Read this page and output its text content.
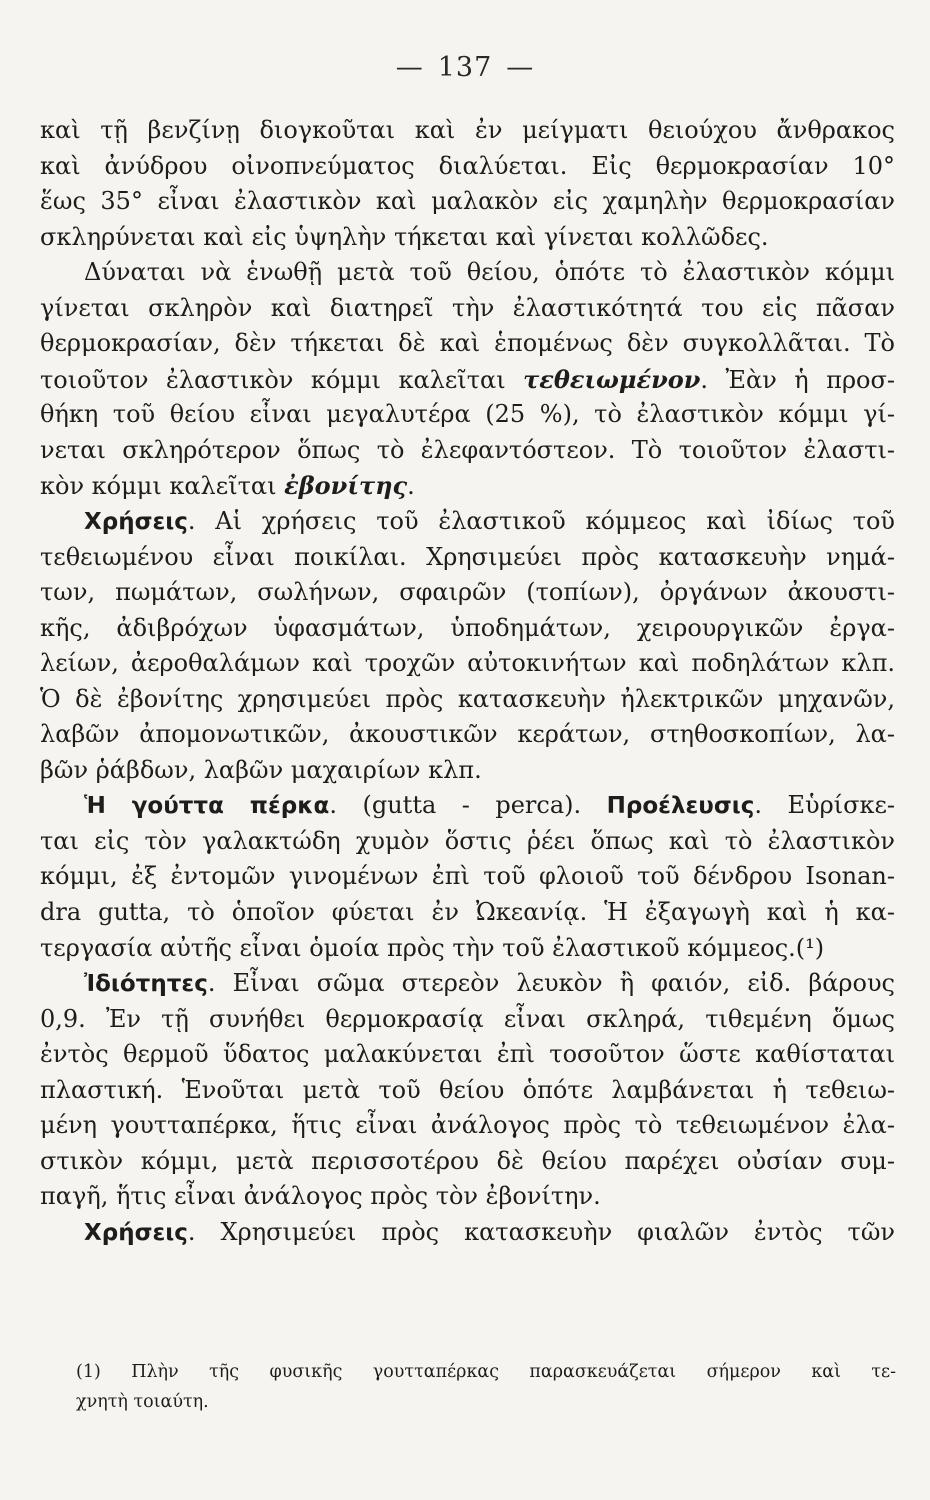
— 137 —
καὶ τῇ βενζίνῃ διογκοῦται καὶ ἐν μείγματι θειούχου ἄνθρακος
καὶ ἀνύδρου οἰνοπνεύματος διαλύεται. Εἰς θερμοκρασίαν 10°
ἕως 35° εἶναι ἐλαστικὸν καὶ μαλακὸν εἰς χαμηλὴν θερμοκρασίαν
σκληρύνεται καὶ εἰς ὑψηλὴν τήκεται καὶ γίνεται κολλῶδες.
Δύναται νὰ ἑνωθῇ μετὰ τοῦ θείου, ὁπότε τὸ ἐλαστικὸν κόμμι
γίνεται σκληρὸν καὶ διατηρεῖ τὴν ἐλαστικότητά του εἰς πᾶσαν
θερμοκρασίαν, δὲν τήκεται δὲ καὶ ἑπομένως δὲν συγκολλᾶται. Τὸ
τοιοῦτον ἐλαστικὸν κόμμι καλεῖται τεθειωμένον. Ἐὰν ἡ προσ-
θήκη τοῦ θείου εἶναι μεγαλυτέρα (25 %), τὸ ἐλαστικὸν κόμμι γί-
νεται σκληρότερον ὅπως τὸ ἐλεφαντόστεον. Τὸ τοιοῦτον ἐλαστι-
κὸν κόμμι καλεῖται ἐβονίτης.
Χρήσεις. Αἱ χρήσεις τοῦ ἐλαστικοῦ κόμμεος καὶ ἰδίως τοῦ
τεθειωμένου εἶναι ποικίλαι. Χρησιμεύει πρὸς κατασκευὴν νημά-
των, πωμάτων, σωλήνων, σφαιρῶν (τοπίων), ὀργάνων ἀκουστι-
κῆς, ἀδιβρόχων ὑφασμάτων, ὑποδημάτων, χειρουργικῶν ἐργα-
λείων, ἀεροθαλάμων καὶ τροχῶν αὐτοκινήτων καὶ ποδηλάτων κλπ.
Ὁ δὲ ἐβονίτης χρησιμεύει πρὸς κατασκευὴν ἠλεκτρικῶν μηχανῶν,
λαβῶν ἀπομονωτικῶν, ἀκουστικῶν κεράτων, στηθοσκοπίων, λα-
βῶν ῥάβδων, λαβῶν μαχαιρίων κλπ.
Ἡ γούττα πέρκα. (gutta - perca). Προέλευσις. Εὑρίσκε-
ται εἰς τὸν γαλακτώδη χυμὸν ὅστις ῥέει ὅπως καὶ τὸ ἐλαστικὸν
κόμμι, ἐξ ἐντομῶν γινομένων ἐπὶ τοῦ φλοιοῦ τοῦ δένδρου Isonan-
dra gutta, τὸ ὁποῖον φύεται ἐν Ὠκεανίᾳ. Ἡ ἐξαγωγὴ καὶ ἡ κα-
τεργασία αὐτῆς εἶναι ὁμοία πρὸς τὴν τοῦ ἐλαστικοῦ κόμμεος.(¹)
Ἰδιότητες. Εἶναι σῶμα στερεὸν λευκὸν ἢ φαιόν, εἰδ. βάρους
0,9. Ἐν τῇ συνήθει θερμοκρασίᾳ εἶναι σκληρά, τιθεμένη ὅμως
ἐντὸς θερμοῦ ὕδατος μαλακύνεται ἐπὶ τοσοῦτον ὥστε καθίσταται
πλαστική. Ἑνοῦται μετὰ τοῦ θείου ὁπότε λαμβάνεται ἡ τεθειω-
μένη γουτταπέρκα, ἥτις εἶναι ἀνάλογος πρὸς τὸ τεθειωμένον ἐλα-
στικὸν κόμμι, μετὰ περισσοτέρου δὲ θείου παρέχει οὐσίαν συμ-
παγῆ, ἥτις εἶναι ἀνάλογος πρὸς τὸν ἐβονίτην.
Χρήσεις. Χρησιμεύει πρὸς κατασκευὴν φιαλῶν ἐντὸς τῶν
(1) Πλὴν τῆς φυσικῆς γουτταπέρκας παρασκευάζεται σήμερον καὶ τε-
χνητὴ τοιαύτη.
